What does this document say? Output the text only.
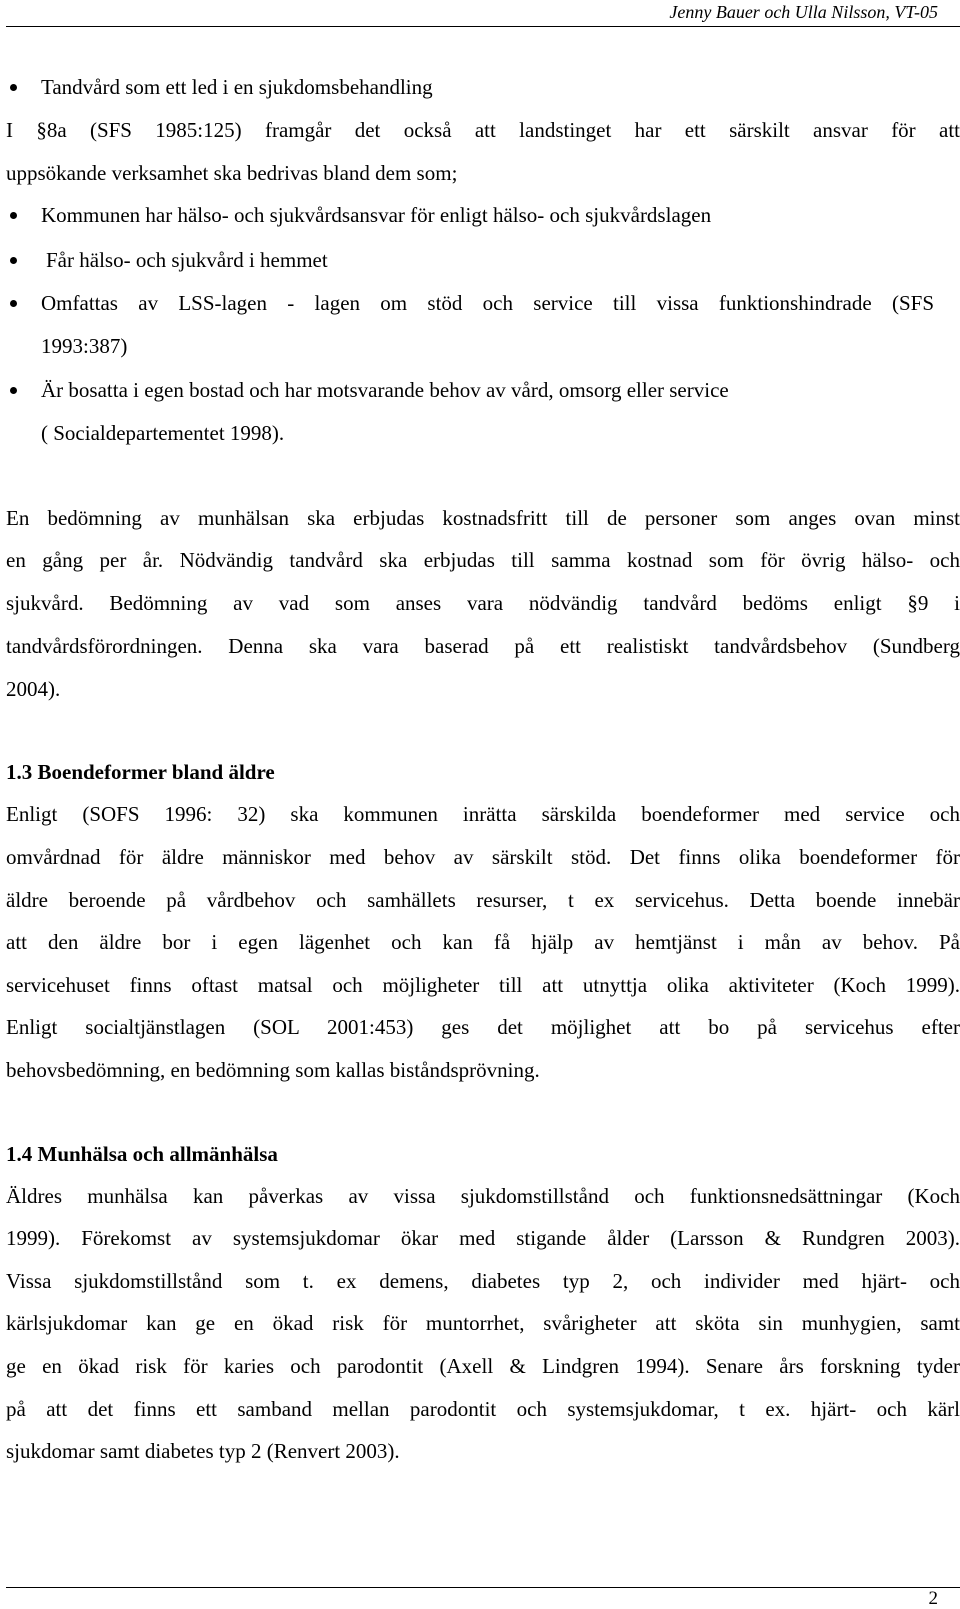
Jenny Bauer och Ulla Nilsson, VT-05
Tandvård som ett led i en sjukdomsbehandling
I §8a (SFS 1985:125) framgår det också att landstinget har ett särskilt ansvar för att
uppsökande verksamhet ska bedrivas bland dem som;
Kommunen har hälso- och sjukvårdsansvar för enligt hälso- och sjukvårdslagen
Får hälso- och sjukvård i hemmet
Omfattas av LSS-lagen - lagen om stöd och service till vissa funktionshindrade (SFS
1993:387)
Är bosatta i egen bostad och har motsvarande behov av vård, omsorg eller service
( Socialdepartementet 1998).
En bedömning av munhälsan ska erbjudas kostnadsfritt till de personer som anges ovan minst
en gång per år. Nödvändig tandvård ska erbjudas till samma kostnad som för övrig hälso- och
sjukvård. Bedömning av vad som anses vara nödvändig tandvård bedöms enligt §9 i
tandvårdsförordningen. Denna ska vara baserad på ett realistiskt tandvårdsbehov (Sundberg
2004).
1.3 Boendeformer bland äldre
Enligt (SOFS 1996: 32) ska kommunen inrätta särskilda boendeformer med service och
omvårdnad för äldre människor med behov av särskilt stöd. Det finns olika boendeformer för
äldre beroende på vårdbehov och samhällets resurser, t ex servicehus. Detta boende innebär
att den äldre bor i egen lägenhet och kan få hjälp av hemtjänst i mån av behov. På
servicehuset finns oftast matsal och möjligheter till att utnyttja olika aktiviteter (Koch 1999).
Enligt socialtjänstlagen (SOL 2001:453) ges det möjlighet att bo på servicehus efter
behovsbedömning, en bedömning som kallas biståndsprövning.
1.4 Munhälsa och allmänhälsa
Äldres munhälsa kan påverkas av vissa sjukdomstillstånd och funktionsnedsättningar (Koch
1999). Förekomst av systemsjukdomar ökar med stigande ålder (Larsson & Rundgren 2003).
Vissa sjukdomstillstånd som t. ex demens, diabetes typ 2, och individer med hjärt- och
kärlsjukdomar kan ge en ökad risk för muntorrhet, svårigheter att sköta sin munhygien, samt
ge en ökad risk för karies och parodontit (Axell & Lindgren 1994). Senare års forskning tyder
på att det finns ett samband mellan parodontit och systemsjukdomar, t ex. hjärt- och kärl
sjukdomar samt diabetes typ 2 (Renvert 2003).
2
